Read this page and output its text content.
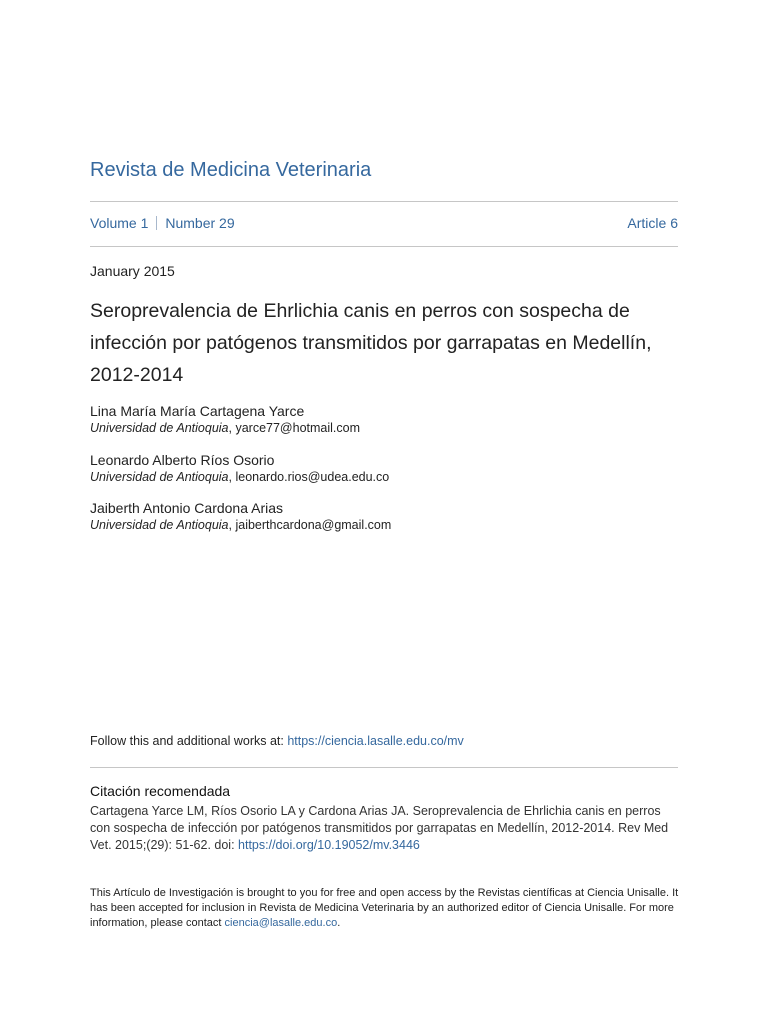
Revista de Medicina Veterinaria
Volume 1 Number 29	Article 6
January 2015
Seroprevalencia de Ehrlichia canis en perros con sospecha de infección por patógenos transmitidos por garrapatas en Medellín, 2012-2014
Lina María María Cartagena Yarce
Universidad de Antioquia, yarce77@hotmail.com
Leonardo Alberto Ríos Osorio
Universidad de Antioquia, leonardo.rios@udea.edu.co
Jaiberth Antonio Cardona Arias
Universidad de Antioquia, jaiberthcardona@gmail.com
Follow this and additional works at: https://ciencia.lasalle.edu.co/mv
Citación recomendada
Cartagena Yarce LM, Ríos Osorio LA y Cardona Arias JA. Seroprevalencia de Ehrlichia canis en perros con sospecha de infección por patógenos transmitidos por garrapatas en Medellín, 2012-2014. Rev Med Vet. 2015;(29): 51-62. doi: https://doi.org/10.19052/mv.3446
This Artículo de Investigación is brought to you for free and open access by the Revistas científicas at Ciencia Unisalle. It has been accepted for inclusion in Revista de Medicina Veterinaria by an authorized editor of Ciencia Unisalle. For more information, please contact ciencia@lasalle.edu.co.
